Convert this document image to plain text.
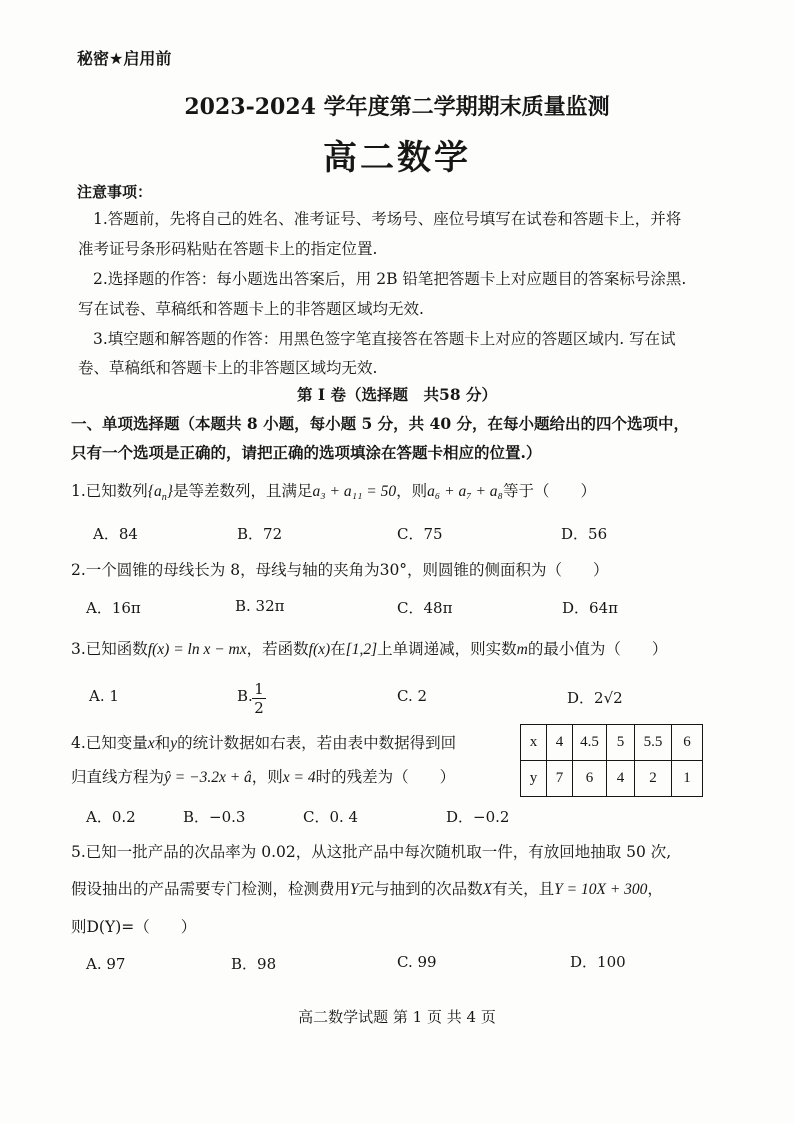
秘密★启用前
2023-2024 学年度第二学期期末质量监测
高二数学
注意事项：
1.答题前，先将自己的姓名、准考证号、考场号、座位号填写在试卷和答题卡上，并将
准考证号条形码粘贴在答题卡上的指定位置.
2.选择题的作答：每小题选出答案后，用 2B 铅笔把答题卡上对应题目的答案标号涂黑.
写在试卷、草稿纸和答题卡上的非答题区域均无效.
3.填空题和解答题的作答：用黑色签字笔直接答在答题卡上对应的答题区域内. 写在试
卷、草稿纸和答题卡上的非答题区域均无效.
第 I 卷（选择题　共58 分）
一、单项选择题（本题共 8 小题，每小题 5 分，共 40 分，在每小题给出的四个选项中，
只有一个选项是正确的，请把正确的选项填涂在答题卡相应的位置.）
1.已知数列$\{a_n\}$是等差数列，且满足a₃ + a₁₁ = 50，则a₆ + a₇ + a₈等于（　　）
A．84	B．72	C．75	D．56
2.一个圆锥的母线长为 8，母线与轴的夹角为30°，则圆锥的侧面积为（　　）
A．16π	B. 32π	C．48π	D．64π
3.已知函数f(x) = ln x − mx，若函数f(x)在[1,2]上单调递减，则实数m的最小值为（　　）
A. 1	B. $\frac{1}{2}$	C. 2	D．2√2
4.已知变量x和y的统计数据如右表，若由表中数据得到回
归直线方程为ŷ = −3.2x + â，则x = 4时的残差为（　　）
x	4	4.5	5	5.5	6
y	7	6	4	2	1
A．0.2	B．−0.3	C．0. 4	D．−0.2
5.已知一批产品的次品率为 0.02，从这批产品中每次随机取一件，有放回地抽取 50 次,
假设抽出的产品需要专门检测，检测费用Y元与抽到的次品数X有关，且Y = 10X + 300，
则D(Y)=（　　）
A. 97	B．98	C. 99	D．100
高二数学试题 第 1 页 共 4 页
